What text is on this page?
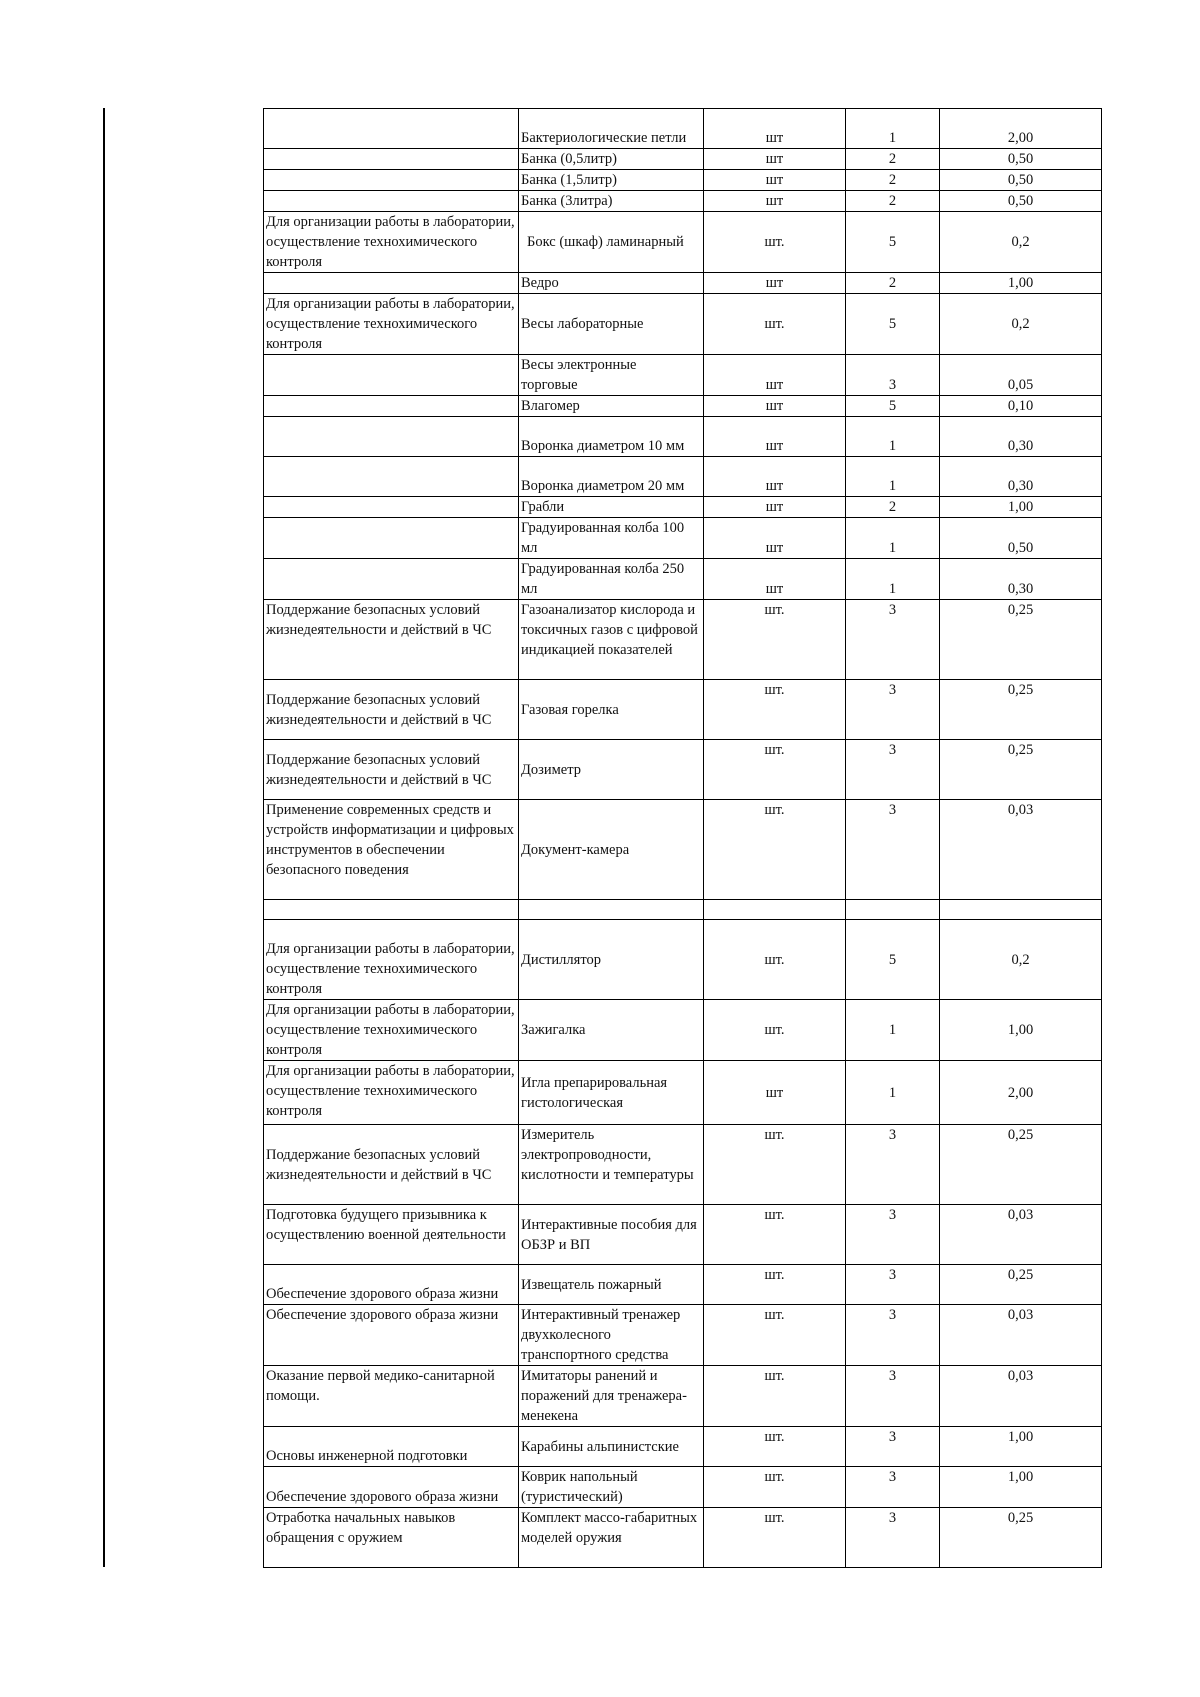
	Бактериологические петли	шт	1	2,00
	Банка (0,5литр)	шт	2	0,50
	Банка (1,5литр)	шт	2	0,50
	Банка (3литра)	шт	2	0,50
Для организации работы в лаборатории, осуществление технохимического контроля	Бокс (шкаф) ламинарный	шт.	5	0,2
	Ведро	шт	2	1,00
Для организации работы в лаборатории, осуществление технохимического контроля	Весы лабораторные	шт.	5	0,2
	Весы электронные торговые	шт	3	0,05
	Влагомер	шт	5	0,10
	Воронка диаметром 10 мм	шт	1	0,30
	Воронка диаметром 20 мм	шт	1	0,30
	Грабли	шт	2	1,00
	Градуированная колба 100 мл	шт	1	0,50
	Градуированная колба 250 мл	шт	1	0,30
Поддержание безопасных условий жизнедеятельности и действий в ЧС	Газоанализатор кислорода и токсичных газов с цифровой индикацией показателей	шт.	3	0,25
Поддержание безопасных условий жизнедеятельности и действий в ЧС	Газовая горелка	шт.	3	0,25
Поддержание безопасных условий жизнедеятельности и действий в ЧС	Дозиметр	шт.	3	0,25
Применение современных средств и устройств информатизации и цифровых инструментов в обеспечении безопасного поведения	Документ-камера	шт.	3	0,03

Для организации работы в лаборатории, осуществление технохимического контроля	Дистиллятор	шт.	5	0,2
Для организации работы в лаборатории, осуществление технохимического контроля	Зажигалка	шт.	1	1,00
Для организации работы в лаборатории, осуществление технохимического контроля	Игла препарировальная гистологическая	шт	1	2,00
Поддержание безопасных условий жизнедеятельности и действий в ЧС	Измеритель электропроводности, кислотности и температуры	шт.	3	0,25
Подготовка будущего призывника к осуществлению военной деятельности	Интерактивные пособия для ОБЗР и ВП	шт.	3	0,03
Обеспечение здорового образа жизни	Извещатель пожарный	шт.	3	0,25
Обеспечение здорового образа жизни	Интерактивный тренажер двухколесного транспортного средства	шт.	3	0,03
Оказание первой медико-санитарной помощи.	Имитаторы ранений и поражений для тренажера-менекена	шт.	3	0,03
Основы инженерной подготовки	Карабины альпинистские	шт.	3	1,00
Обеспечение здорового образа жизни	Коврик напольный (туристический)	шт.	3	1,00
Отработка начальных навыков обращения с оружием	Комплект массо-габаритных моделей оружия	шт.	3	0,25
